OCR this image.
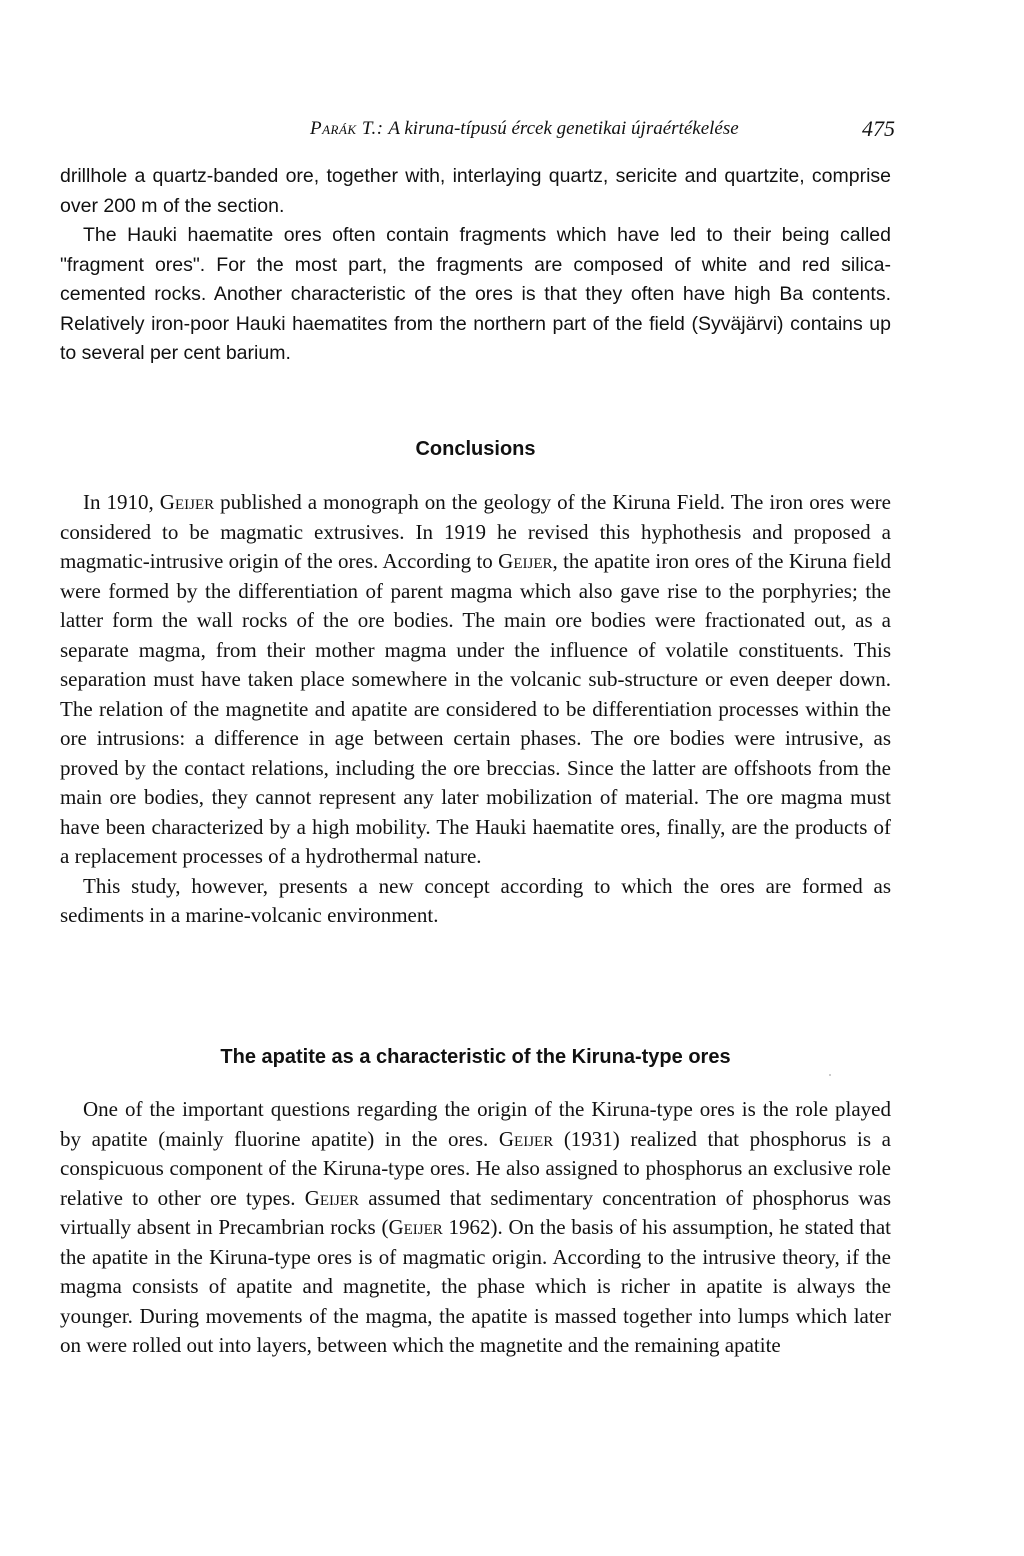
Parák T.: A kiruna-típusú ércek genetikai újraértékelése	475

drillhole a quartz-banded ore, together with, interlaying quartz, sericite and quartzite, comprise over 200 m of the section.

The Hauki haematite ores often contain fragments which have led to their being called "fragment ores". For the most part, the fragments are composed of white and red silica-cemented rocks. Another characteristic of the ores is that they often have high Ba contents. Relatively iron-poor Hauki haematites from the northern part of the field (Syväjärvi) contains up to several per cent barium.

Conclusions

In 1910, Geijer published a monograph on the geology of the Kiruna Field. The iron ores were considered to be magmatic extrusives. In 1919 he revised this hyphothesis and proposed a magmatic-intrusive origin of the ores. According to Geijer, the apatite iron ores of the Kiruna field were formed by the differentiation of parent magma which also gave rise to the porphyries; the latter form the wall rocks of the ore bodies. The main ore bodies were fractionated out, as a separate magma, from their mother magma under the influence of volatile constituents. This separation must have taken place somewhere in the volcanic sub-structure or even deeper down. The relation of the magnetite and apatite are considered to be differentiation processes within the ore intrusions: a difference in age between certain phases. The ore bodies were intrusive, as proved by the contact relations, including the ore breccias. Since the latter are offshoots from the main ore bodies, they cannot represent any later mobilization of material. The ore magma must have been characterized by a high mobility. The Hauki haematite ores, finally, are the products of a replacement processes of a hydrothermal nature.

This study, however, presents a new concept according to which the ores are formed as sediments in a marine-volcanic environment.

The apatite as a characteristic of the Kiruna-type ores

One of the important questions regarding the origin of the Kiruna-type ores is the role played by apatite (mainly fluorine apatite) in the ores. Geijer (1931) realized that phosphorus is a conspicuous component of the Kiruna-type ores. He also assigned to phosphorus an exclusive role relative to other ore types. Geijer assumed that sedimentary concentration of phosphorus was virtually absent in Precambrian rocks (Geijer 1962). On the basis of his assumption, he stated that the apatite in the Kiruna-type ores is of magmatic origin. According to the intrusive theory, if the magma consists of apatite and magnetite, the phase which is richer in apatite is always the younger. During movements of the magma, the apatite is massed together into lumps which later on were rolled out into layers, between which the magnetite and the remaining apatite
